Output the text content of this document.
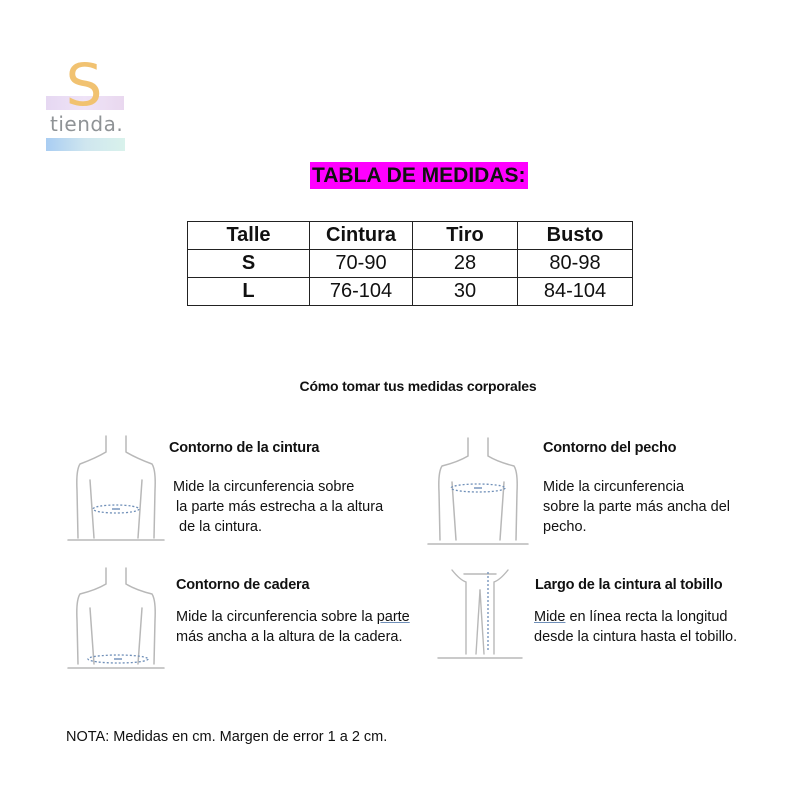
S
tienda.
TABLA DE MEDIDAS:
Talle	Cintura	Tiro	Busto
S	70-90	28	80-98
L	76-104	30	84-104
Cómo tomar tus medidas corporales
Contorno de la cintura
Mide la circunferencia sobre
la parte más estrecha a la altura
de la cintura.
Contorno del pecho
Mide la circunferencia
sobre la parte más ancha del
pecho.
Contorno de cadera
Mide la circunferencia sobre la parte
más ancha a la altura de la cadera.
Largo de la cintura al tobillo
Mide en línea recta la longitud
desde la cintura hasta el tobillo.
NOTA: Medidas en cm. Margen de error 1 a 2 cm.
